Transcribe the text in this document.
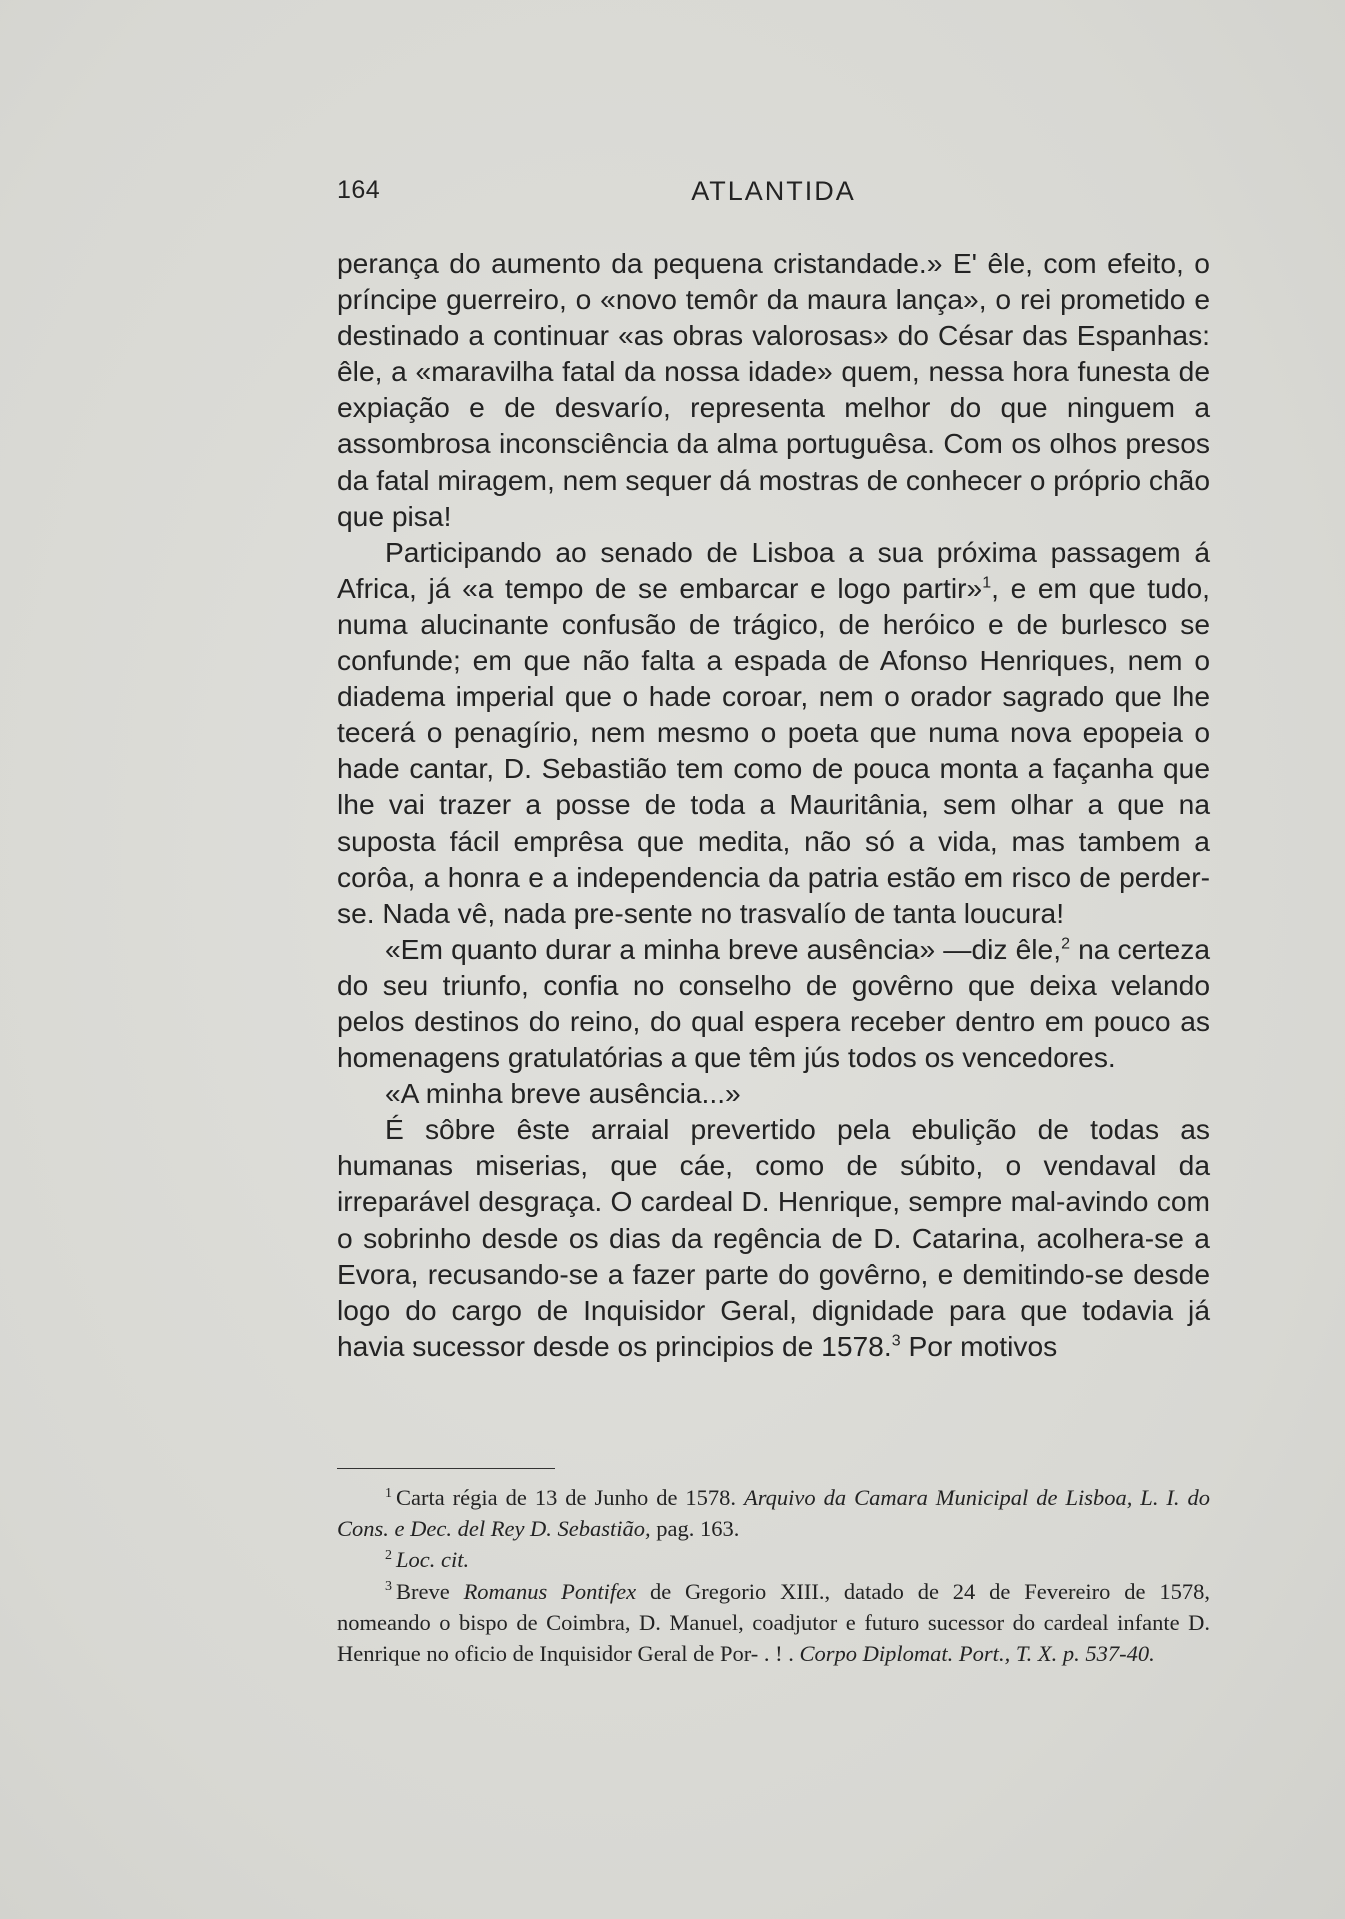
164	ATLANTIDA

perança do aumento da pequena cristandade.» E' êle, com efeito, o príncipe guerreiro, o «novo temôr da maura lança», o rei prometido e destinado a continuar «as obras valorosas» do César das Espanhas: êle, a «maravilha fatal da nossa idade» quem, nessa hora funesta de expiação e de desvarío, representa melhor do que ninguem a assombrosa inconsciência da alma portuguêsa. Com os olhos presos da fatal miragem, nem sequer dá mostras de conhecer o próprio chão que pisa!

Participando ao senado de Lisboa a sua próxima passagem á Africa, já «a tempo de se embarcar e logo partir»$^1$, e em que tudo, numa alucinante confusão de trágico, de heróico e de burlesco se confunde; em que não falta a espada de Afonso Henriques, nem o diadema imperial que o hade coroar, nem o orador sagrado que lhe tecerá o penagírio, nem mesmo o poeta que numa nova epopeia o hade cantar, D. Sebastião tem como de pouca monta a façanha que lhe vai trazer a posse de toda a Mauritânia, sem olhar a que na suposta fácil emprêsa que medita, não só a vida, mas tambem a corôa, a honra e a independencia da patria estão em risco de perder-se. Nada vê, nada pre-sente no trasvalío de tanta loucura!

«Em quanto durar a minha breve ausência» —diz êle,$^2$ na certeza do seu triunfo, confia no conselho de govêrno que deixa velando pelos destinos do reino, do qual espera receber dentro em pouco as homenagens gratulatórias a que têm jús todos os vencedores.

«A minha breve ausência...»

É sôbre êste arraial prevertido pela ebulição de todas as humanas miserias, que cáe, como de súbito, o vendaval da irreparável desgraça. O cardeal D. Henrique, sempre mal-avindo com o sobrinho desde os dias da regência de D. Catarina, acolhera-se a Evora, recusando-se a fazer parte do govêrno, e demitindo-se desde logo do cargo de Inquisidor Geral, dignidade para que todavia já havia sucessor desde os principios de 1578.$^3$ Por motivos

$^1$ Carta régia de 13 de Junho de 1578. Arquivo da Camara Municipal de Lisboa, L. I. do Cons. e Dec. del Rey D. Sebastião, pag. 163.

$^2$ Loc. cit.

$^3$ Breve Romanus Pontifex de Gregorio XIII., datado de 24 de Fevereiro de 1578, nomeando o bispo de Coimbra, D. Manuel, coadjutor e futuro sucessor do cardeal infante D. Henrique no oficio de Inquisidor Geral de Por- . ! . Corpo Diplomat. Port., T. X. p. 537-40.
